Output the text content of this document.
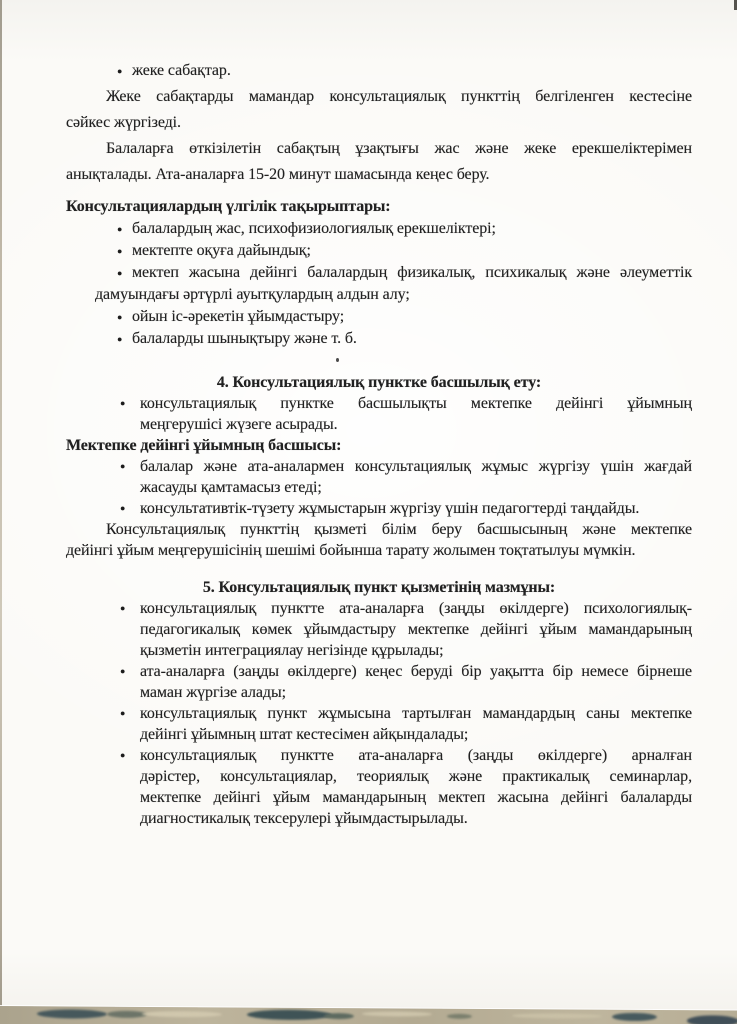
● жеке сабақтар.
Жеке сабақтарды мамандар консультациялық пункттің белгіленген кестесіне
сәйкес жүргізеді.
Балаларға өткізілетін сабақтың ұзақтығы жас және жеке ерекшеліктерімен
анықталады. Ата-аналарға 15-20 минут шамасында кеңес беру.
Консультациялардың үлгілік тақырыптары:
● балалардың жас, психофизиологиялық ерекшеліктері;
● мектепте оқуға дайындық;
● мектеп жасына дейінгі балалардың физикалық, психикалық және әлеуметтік
дамуындағы әртүрлі ауытқулардың алдын алу;
● ойын іс-әрекетін ұйымдастыру;
● балаларды шынықтыру және т. б.
4. Консультациялық пунктке басшылық ету:
● консультациялық пунктке басшылықты мектепке дейінгі ұйымның
меңгерушісі жүзеге асырады.
Мектепке дейінгі ұйымның басшысы:
● балалар және ата-аналармен консультациялық жұмыс жүргізу үшін жағдай
жасауды қамтамасыз етеді;
● консультативтік-түзету жұмыстарын жүргізу үшін педагогтерді таңдайды.
Консультациялық пункттің қызметі білім беру басшысының және мектепке
дейінгі ұйым меңгерушісінің шешімі бойынша тарату жолымен тоқтатылуы мүмкін.
5. Консультациялық пункт қызметінің мазмұны:
● консультациялық пунктте ата-аналарға (заңды өкілдерге) психологиялық-
педагогикалық көмек ұйымдастыру мектепке дейінгі ұйым мамандарының
қызметін интеграциялау негізінде құрылады;
● ата-аналарға (заңды өкілдерге) кеңес беруді бір уақытта бір немесе бірнеше
маман жүргізе алады;
● консультациялық пункт жұмысына тартылған мамандардың саны мектепке
дейінгі ұйымның штат кестесімен айқындалады;
● консультациялық пунктте ата-аналарға (заңды өкілдерге) арналған
дәрістер, консультациялар, теориялық және практикалық семинарлар,
мектепке дейінгі ұйым мамандарының мектеп жасына дейінгі балаларды
диагностикалық тексерулері ұйымдастырылады.
